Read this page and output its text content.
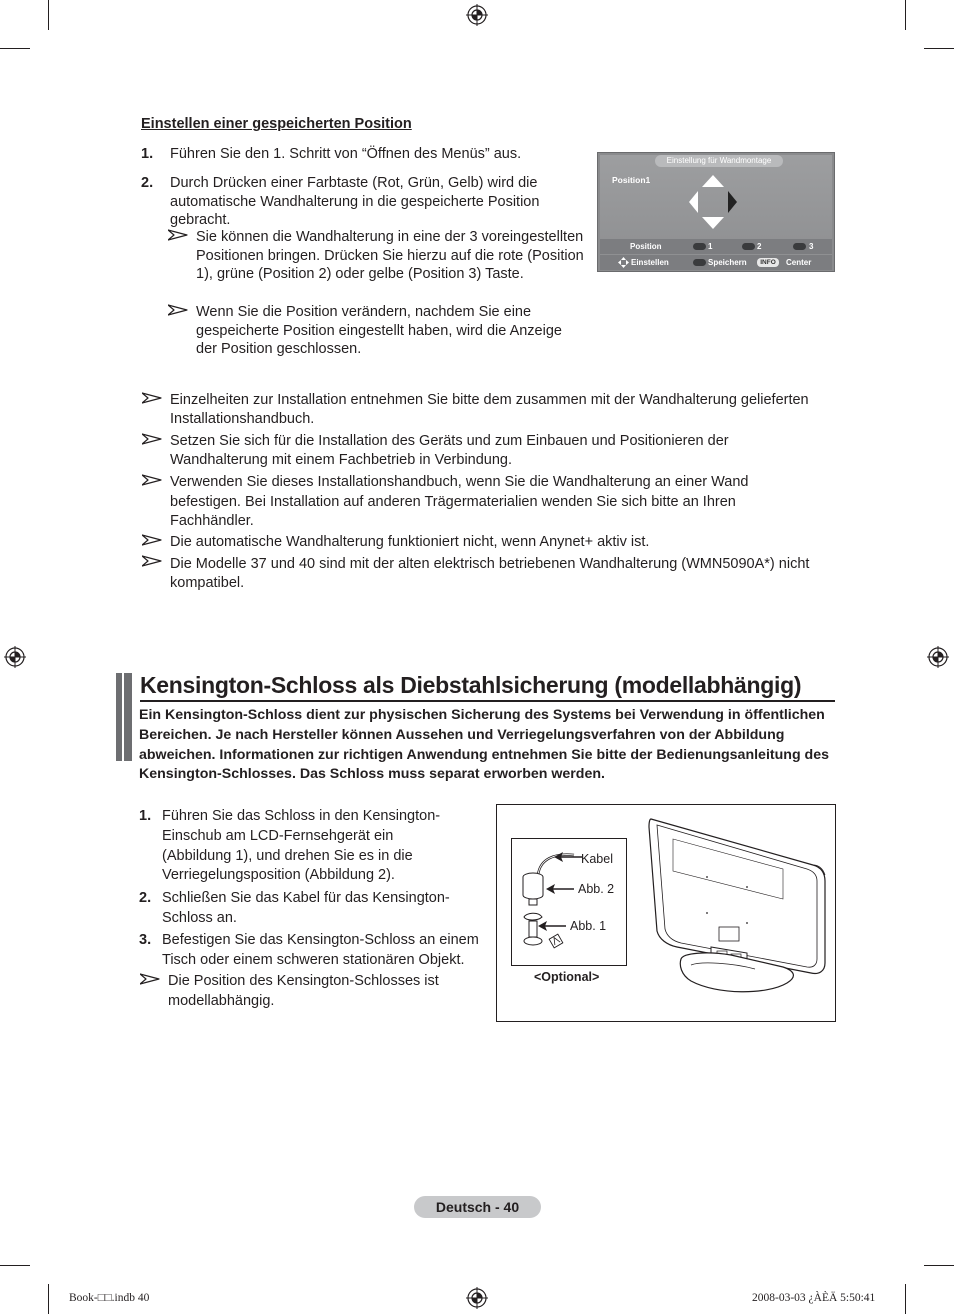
Einstellen einer gespeicherten Position
1. Führen Sie den 1. Schritt von “Öffnen des Menüs” aus.
2. Durch Drücken einer Farbtaste (Rot, Grün, Gelb) wird die automatische Wandhalterung in die gespeicherte Position gebracht.
Sie können die Wandhalterung in eine der 3 voreingestellten Positionen bringen. Drücken Sie hierzu auf die rote (Position 1), grüne (Position 2) oder gelbe (Position 3) Taste.
Wenn Sie die Position verändern, nachdem Sie eine gespeicherte Position eingestellt haben, wird die Anzeige der Position geschlossen.
Einstellung für Wandmontage
Position1
Position	1	2	3
Einstellen	Speichern	INFO	Center
Einzelheiten zur Installation entnehmen Sie bitte dem zusammen mit der Wandhalterung gelieferten Installationshandbuch.
Setzen Sie sich für die Installation des Geräts und zum Einbauen und Positionieren der Wandhalterung mit einem Fachbetrieb in Verbindung.
Verwenden Sie dieses Installationshandbuch, wenn Sie die Wandhalterung an einer Wand befestigen. Bei Installation auf anderen Trägermaterialien wenden Sie sich bitte an Ihren Fachhändler.
Die automatische Wandhalterung funktioniert nicht, wenn Anynet+ aktiv ist.
Die Modelle 37 und 40 sind mit der alten elektrisch betriebenen Wandhalterung (WMN5090A*) nicht kompatibel.
Kensington-Schloss als Diebstahlsicherung (modellabhängig)
Ein Kensington-Schloss dient zur physischen Sicherung des Systems bei Verwendung in öffentlichen Bereichen. Je nach Hersteller können Aussehen und Verriegelungsverfahren von der Abbildung abweichen. Informationen zur richtigen Anwendung entnehmen Sie bitte der Bedienungsanleitung des Kensington-Schlosses. Das Schloss muss separat erworben werden.
1. Führen Sie das Schloss in den Kensington-Einschub am LCD-Fernsehgerät ein (Abbildung 1), und drehen Sie es in die Verriegelungsposition (Abbildung 2).
2. Schließen Sie das Kabel für das Kensington-Schloss an.
3. Befestigen Sie das Kensington-Schloss an einem Tisch oder einem schweren stationären Objekt.
Die Position des Kensington-Schlosses ist modellabhängig.
Kabel
Abb. 2
Abb. 1
<Optional>
Deutsch - 40
Book-□□.indb 40	2008-03-03 ¿ÀÈÄ 5:50:41
